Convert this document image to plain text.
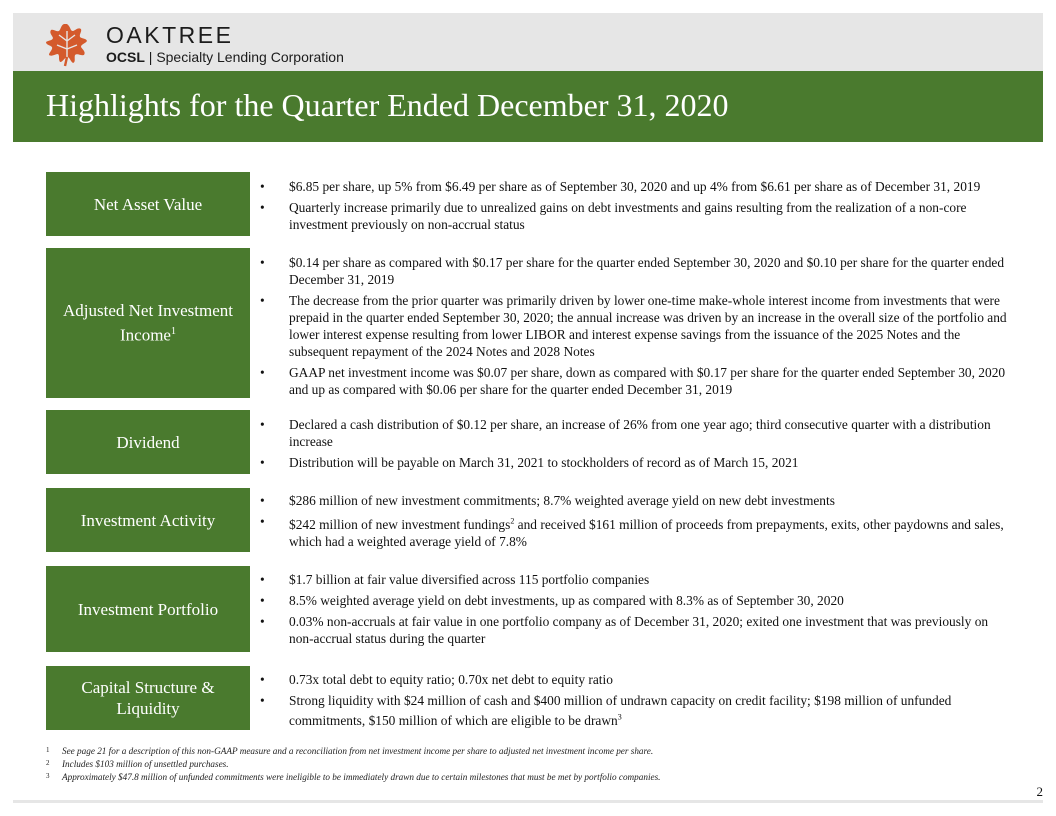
OAKTREE
OCSL | Specialty Lending Corporation
Highlights for the Quarter Ended December 31, 2020
Net Asset Value
• $6.85 per share, up 5% from $6.49 per share as of September 30, 2020 and up 4% from $6.61 per share as of December 31, 2019
• Quarterly increase primarily due to unrealized gains on debt investments and gains resulting from the realization of a non-core investment previously on non-accrual status
Adjusted Net Investment Income$^1$
• $0.14 per share as compared with $0.17 per share for the quarter ended September 30, 2020 and $0.10 per share for the quarter ended December 31, 2019
• The decrease from the prior quarter was primarily driven by lower one-time make-whole interest income from investments that were prepaid in the quarter ended September 30, 2020; the annual increase was driven by an increase in the overall size of the portfolio and lower interest expense resulting from lower LIBOR and interest expense savings from the issuance of the 2025 Notes and the subsequent repayment of the 2024 Notes and 2028 Notes
• GAAP net investment income was $0.07 per share, down as compared with $0.17 per share for the quarter ended September 30, 2020 and up as compared with $0.06 per share for the quarter ended December 31, 2019
Dividend
• Declared a cash distribution of $0.12 per share, an increase of 26% from one year ago; third consecutive quarter with a distribution increase
• Distribution will be payable on March 31, 2021 to stockholders of record as of March 15, 2021
Investment Activity
• $286 million of new investment commitments; 8.7% weighted average yield on new debt investments
• $242 million of new investment fundings$^2$ and received $161 million of proceeds from prepayments, exits, other paydowns and sales, which had a weighted average yield of 7.8%
Investment Portfolio
• $1.7 billion at fair value diversified across 115 portfolio companies
• 8.5% weighted average yield on debt investments, up as compared with 8.3% as of September 30, 2020
• 0.03% non-accruals at fair value in one portfolio company as of December 31, 2020; exited one investment that was previously on non-accrual status during the quarter
Capital Structure & Liquidity
• 0.73x total debt to equity ratio; 0.70x net debt to equity ratio
• Strong liquidity with $24 million of cash and $400 million of undrawn capacity on credit facility; $198 million of unfunded commitments, $150 million of which are eligible to be drawn$^3$
1 See page 21 for a description of this non-GAAP measure and a reconciliation from net investment income per share to adjusted net investment income per share.
2 Includes $103 million of unsettled purchases.
3 Approximately $47.8 million of unfunded commitments were ineligible to be immediately drawn due to certain milestones that must be met by portfolio companies.
2
